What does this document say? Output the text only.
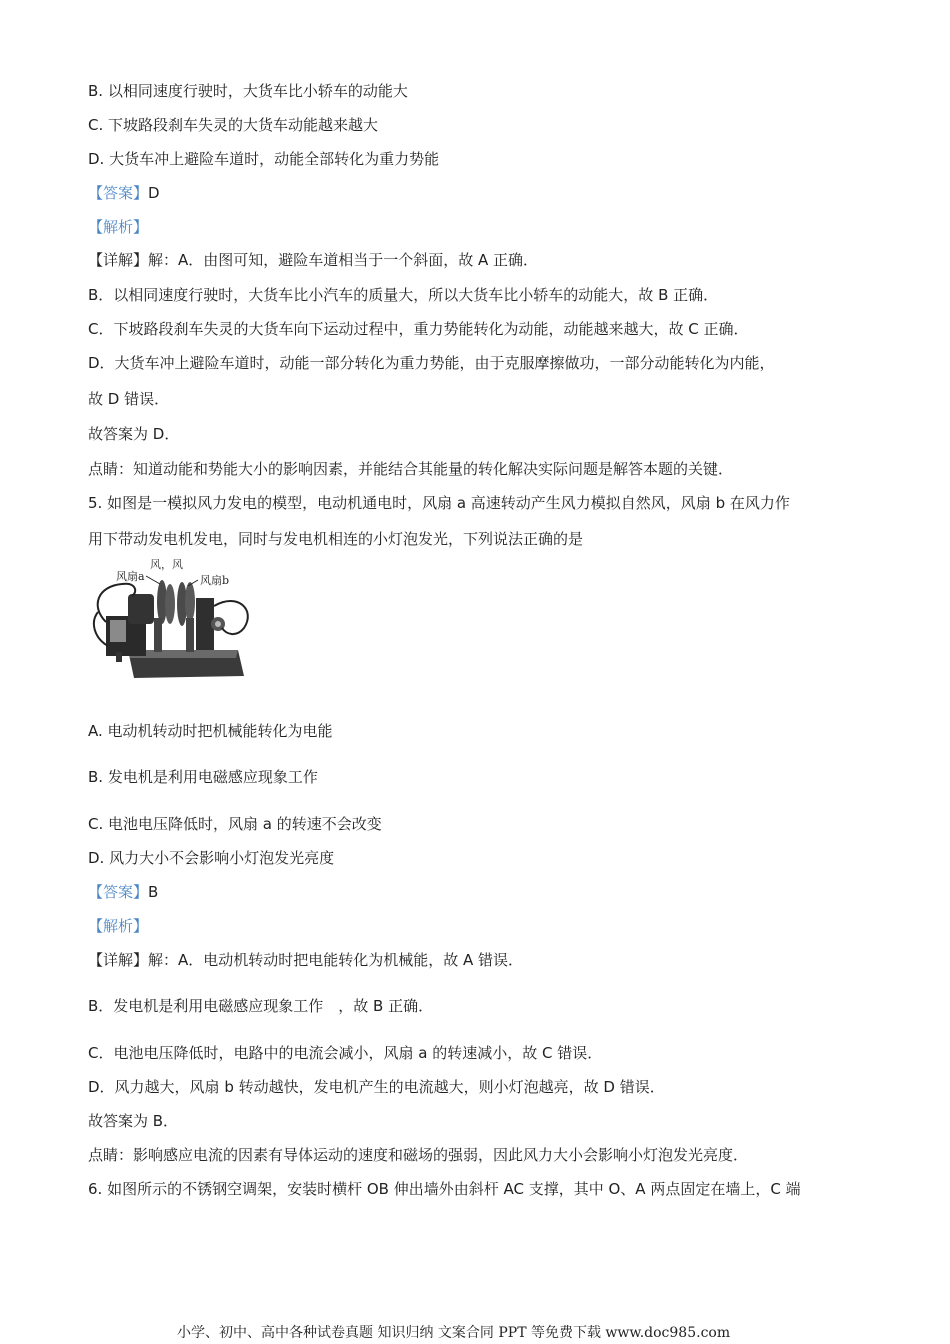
B. 以相同速度行驶时，大货车比小轿车的动能大
C. 下坡路段刹车失灵的大货车动能越来越大
D. 大货车冲上避险车道时，动能全部转化为重力势能
【答案】D
【解析】
【详解】解：A．由图可知，避险车道相当于一个斜面，故 A 正确．
B．以相同速度行驶时，大货车比小汽车的质量大，所以大货车比小轿车的动能大，故 B 正确．
C．下坡路段刹车失灵的大货车向下运动过程中，重力势能转化为动能，动能越来越大，故 C 正确．
D．大货车冲上避险车道时，动能一部分转化为重力势能，由于克服摩擦做功，一部分动能转化为内能，
故 D 错误．
故答案为 D．
点睛：知道动能和势能大小的影响因素，并能结合其能量的转化解决实际问题是解答本题的关键．
5. 如图是一模拟风力发电的模型，电动机通电时，风扇 a 高速转动产生风力模拟自然风，风扇 b 在风力作
用下带动发电机发电，同时与发电机相连的小灯泡发光，下列说法正确的是
风，风
风扇a	风扇b
A. 电动机转动时把机械能转化为电能
B. 发电机是利用电磁感应现象工作
C. 电池电压降低时，风扇 a 的转速不会改变
D. 风力大小不会影响小灯泡发光亮度
【答案】B
【解析】
【详解】解：A．电动机转动时把电能转化为机械能，故 A 错误．
B．发电机是利用电磁感应现象工作　，故 B 正确．
C．电池电压降低时，电路中的电流会减小，风扇 a 的转速减小，故 C 错误．
D．风力越大，风扇 b 转动越快，发电机产生的电流越大，则小灯泡越亮，故 D 错误．
故答案为 B．
点睛：影响感应电流的因素有导体运动的速度和磁场的强弱，因此风力大小会影响小灯泡发光亮度．
6. 如图所示的不锈钢空调架，安装时横杆 OB 伸出墙外由斜杆 AC 支撑，其中 O、A 两点固定在墙上，C 端
小学、初中、高中各种试卷真题 知识归纳 文案合同 PPT 等免费下载 www.doc985.com
